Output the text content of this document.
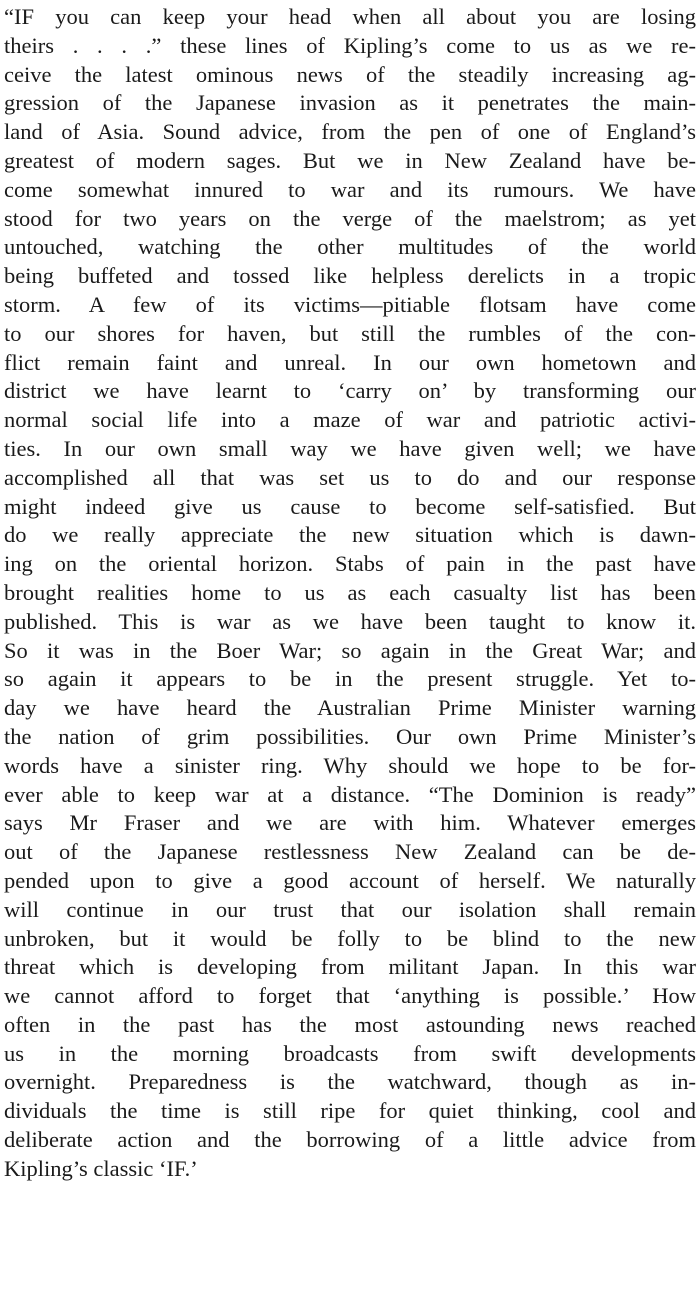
“IF you can keep your head when all about you are losing
theirs . . . .” these lines of Kipling’s come to us as we re-
ceive the latest ominous news of the steadily increasing ag-
gression of the Japanese invasion as it penetrates the main-
land of Asia. Sound advice, from the pen of one of England’s
greatest of modern sages. But we in New Zealand have be-
come somewhat innured to war and its rumours. We have
stood for two years on the verge of the maelstrom; as yet
untouched, watching the other multitudes of the world
being buffeted and tossed like helpless derelicts in a tropic
storm. A few of its victims—pitiable flotsam have come
to our shores for haven, but still the rumbles of the con-
flict remain faint and unreal. In our own hometown and
district we have learnt to ‘carry on’ by transforming our
normal social life into a maze of war and patriotic activi-
ties. In our own small way we have given well; we have
accomplished all that was set us to do and our response
might indeed give us cause to become self-satisfied. But
do we really appreciate the new situation which is dawn-
ing on the oriental horizon. Stabs of pain in the past have
brought realities home to us as each casualty list has been
published. This is war as we have been taught to know it.
So it was in the Boer War; so again in the Great War; and
so again it appears to be in the present struggle. Yet to-
day we have heard the Australian Prime Minister warning
the nation of grim possibilities. Our own Prime Minister’s
words have a sinister ring. Why should we hope to be for-
ever able to keep war at a distance. “The Dominion is ready”
says Mr Fraser and we are with him. Whatever emerges
out of the Japanese restlessness New Zealand can be de-
pended upon to give a good account of herself. We naturally
will continue in our trust that our isolation shall remain
unbroken, but it would be folly to be blind to the new
threat which is developing from militant Japan. In this war
we cannot afford to forget that ‘anything is possible.’ How
often in the past has the most astounding news reached
us in the morning broadcasts from swift developments
overnight. Preparedness is the watchward, though as in-
dividuals the time is still ripe for quiet thinking, cool and
deliberate action and the borrowing of a little advice from
Kipling’s classic ‘IF.’
